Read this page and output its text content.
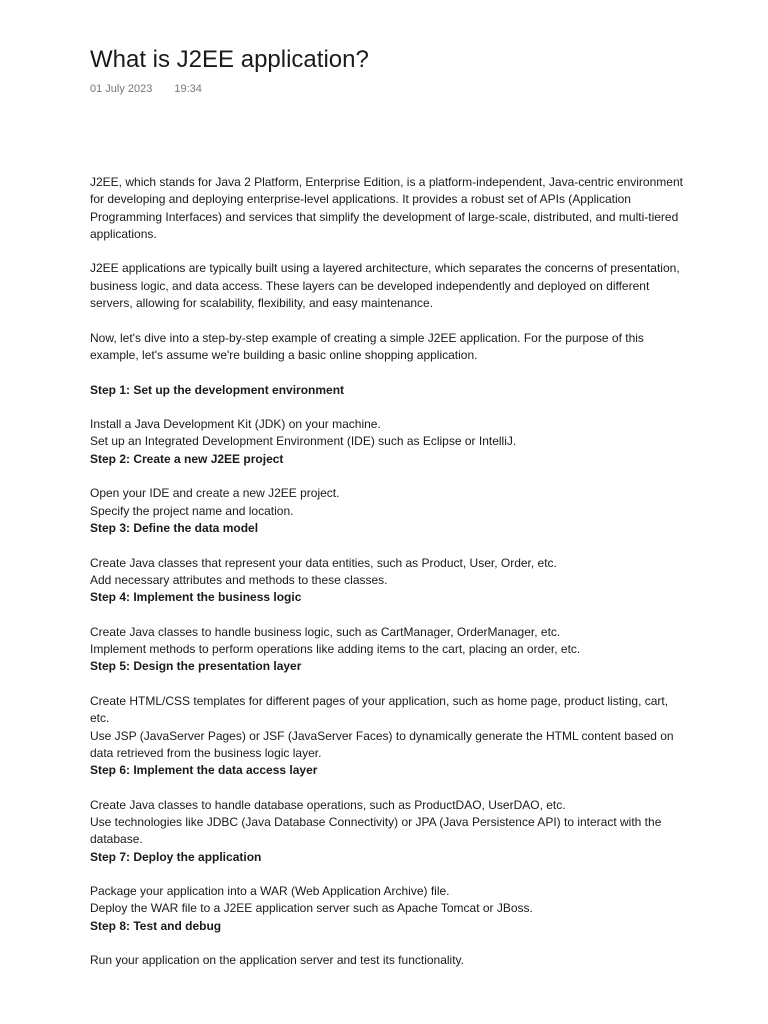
What is J2EE application?
01 July 2023 19:34

J2EE, which stands for Java 2 Platform, Enterprise Edition, is a platform-independent, Java-centric environment for developing and deploying enterprise-level applications. It provides a robust set of APIs (Application Programming Interfaces) and services that simplify the development of large-scale, distributed, and multi-tiered applications.

J2EE applications are typically built using a layered architecture, which separates the concerns of presentation, business logic, and data access. These layers can be developed independently and deployed on different servers, allowing for scalability, flexibility, and easy maintenance.

Now, let's dive into a step-by-step example of creating a simple J2EE application. For the purpose of this example, let's assume we're building a basic online shopping application.

Step 1: Set up the development environment
Install a Java Development Kit (JDK) on your machine.
Set up an Integrated Development Environment (IDE) such as Eclipse or IntelliJ.
Step 2: Create a new J2EE project
Open your IDE and create a new J2EE project.
Specify the project name and location.
Step 3: Define the data model
Create Java classes that represent your data entities, such as Product, User, Order, etc.
Add necessary attributes and methods to these classes.
Step 4: Implement the business logic
Create Java classes to handle business logic, such as CartManager, OrderManager, etc.
Implement methods to perform operations like adding items to the cart, placing an order, etc.
Step 5: Design the presentation layer
Create HTML/CSS templates for different pages of your application, such as home page, product listing, cart, etc.
Use JSP (JavaServer Pages) or JSF (JavaServer Faces) to dynamically generate the HTML content based on data retrieved from the business logic layer.
Step 6: Implement the data access layer
Create Java classes to handle database operations, such as ProductDAO, UserDAO, etc.
Use technologies like JDBC (Java Database Connectivity) or JPA (Java Persistence API) to interact with the database.
Step 7: Deploy the application
Package your application into a WAR (Web Application Archive) file.
Deploy the WAR file to a J2EE application server such as Apache Tomcat or JBoss.
Step 8: Test and debug
Run your application on the application server and test its functionality.
